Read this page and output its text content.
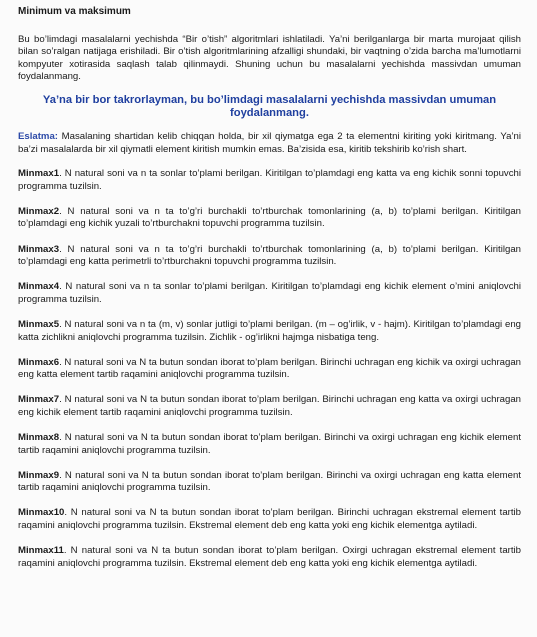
Minimum va maksimum

Bu bo’limdagi masalalarni yechishda “Bir o’tish” algoritmlari ishlatiladi. Ya’ni berilganlarga bir marta murojaat qilish bilan so’ralgan natijaga erishiladi. Bir o’tish algoritmlarining afzalligi shundaki, bir vaqtning o’zida barcha ma’lumotlarni kompyuter xotirasida saqlash talab qilinmaydi. Shuning uchun bu masalalarni yechishda massivdan umuman foydalanmang.

Ya’na bir bor takrorlayman, bu bo’limdagi masalalarni yechishda massivdan umuman foydalanmang.

Eslatma: Masalaning shartidan kelib chiqqan holda, bir xil qiymatga ega 2 ta elementni kiriting yoki kiritmang. Ya’ni ba’zi masalalarda bir xil qiymatli element kiritish mumkin emas. Ba’zisida esa, kiritib tekshirib ko’rish shart.

Minmax1. N natural soni va n ta sonlar to’plami berilgan. Kiritilgan to’plamdagi eng katta va eng kichik sonni topuvchi programma tuzilsin.

Minmax2. N natural soni va n ta to’g’ri burchakli to’rtburchak tomonlarining (a, b) to’plami berilgan. Kiritilgan to’plamdagi eng kichik yuzali to’rtburchakni topuvchi programma tuzilsin.

Minmax3. N natural soni va n ta to’g’ri burchakli to’rtburchak tomonlarining (a, b) to’plami berilgan. Kiritilgan to’plamdagi eng katta perimetrli to’rtburchakni topuvchi programma tuzilsin.

Minmax4. N natural soni va n ta sonlar to’plami berilgan. Kiritilgan to’plamdagi eng kichik element o’mini aniqlovchi programma tuzilsin.

Minmax5. N natural soni va n ta (m, v) sonlar jutligi to’plami berilgan. (m – og’irlik, v - hajm). Kiritilgan to’plamdagi eng katta zichlikni aniqlovchi programma tuzilsin. Zichlik - og’irlikni hajmga nisbatiga teng.

Minmax6. N natural soni va N ta butun sondan iborat to’plam berilgan. Birinchi uchragan eng kichik va oxirgi uchragan eng katta element tartib raqamini aniqlovchi programma tuzilsin.

Minmax7. N natural soni va N ta butun sondan iborat to’plam berilgan. Birinchi uchragan eng katta va oxirgi uchragan eng kichik element tartib raqamini aniqlovchi programma tuzilsin.

Minmax8. N natural soni va N ta butun sondan iborat to’plam berilgan. Birinchi va oxirgi uchragan eng kichik element tartib raqamini aniqlovchi programma tuzilsin.

Minmax9. N natural soni va N ta butun sondan iborat to’plam berilgan. Birinchi va oxirgi uchragan eng katta element tartib raqamini aniqlovchi programma tuzilsin.

Minmax10. N natural soni va N ta butun sondan iborat to’plam berilgan. Birinchi uchragan ekstremal element tartib raqamini aniqlovchi programma tuzilsin. Ekstremal element deb eng katta yoki eng kichik elementga aytiladi.

Minmax11. N natural soni va N ta butun sondan iborat to’plam berilgan. Oxirgi uchragan ekstremal element tartib raqamini aniqlovchi programma tuzilsin. Ekstremal element deb eng katta yoki eng kichik elementga aytiladi.
